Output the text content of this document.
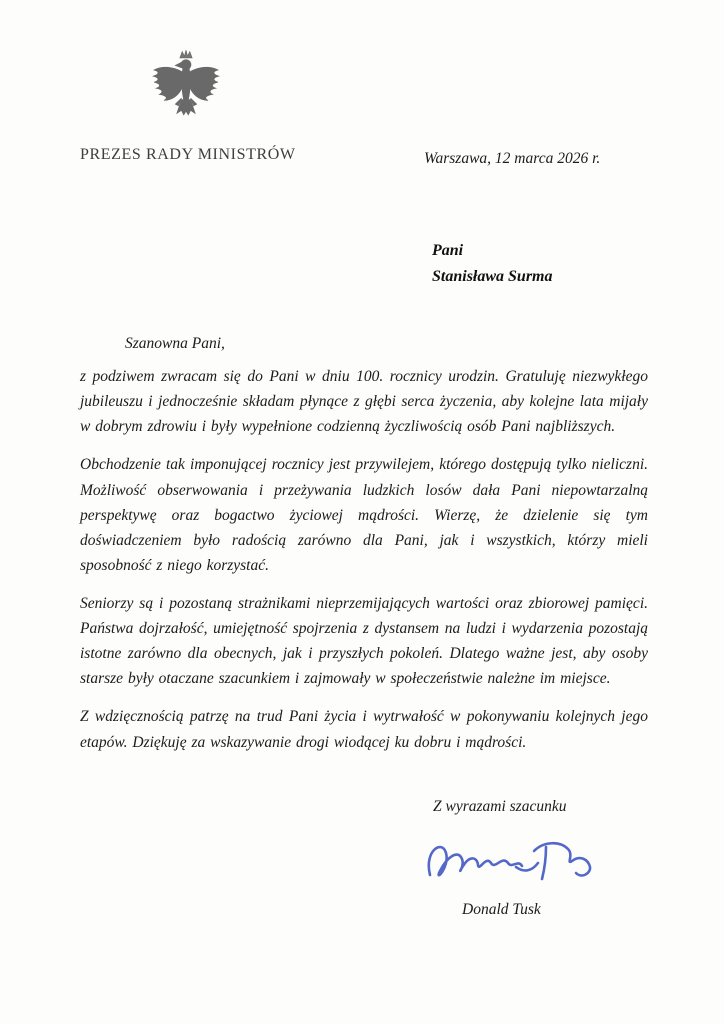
PREZES RADY MINISTRÓW	Warszawa, 12 marca 2026 r.
Pani
Stanisława Surma
Szanowna Pani,

z podziwem zwracam się do Pani w dniu 100. rocznicy urodzin. Gratuluję niezwykłego jubileuszu i jednocześnie składam płynące z głębi serca życzenia, aby kolejne lata mijały w dobrym zdrowiu i były wypełnione codzienną życzliwością osób Pani najbliższych.

Obchodzenie tak imponującej rocznicy jest przywilejem, którego dostępują tylko nieliczni. Możliwość obserwowania i przeżywania ludzkich losów dała Pani niepowtarzalną perspektywę oraz bogactwo życiowej mądrości. Wierzę, że dzielenie się tym doświadczeniem było radością zarówno dla Pani, jak i wszystkich, którzy mieli sposobność z niego korzystać.

Seniorzy są i pozostaną strażnikami nieprzemijających wartości oraz zbiorowej pamięci. Państwa dojrzałość, umiejętność spojrzenia z dystansem na ludzi i wydarzenia pozostają istotne zarówno dla obecnych, jak i przyszłych pokoleń. Dlatego ważne jest, aby osoby starsze były otaczane szacunkiem i zajmowały w społeczeństwie należne im miejsce.

Z wdzięcznością patrzę na trud Pani życia i wytrwałość w pokonywaniu kolejnych jego etapów. Dziękuję za wskazywanie drogi wiodącej ku dobru i mądrości.

Z wyrazami szacunku
Donald Tusk
